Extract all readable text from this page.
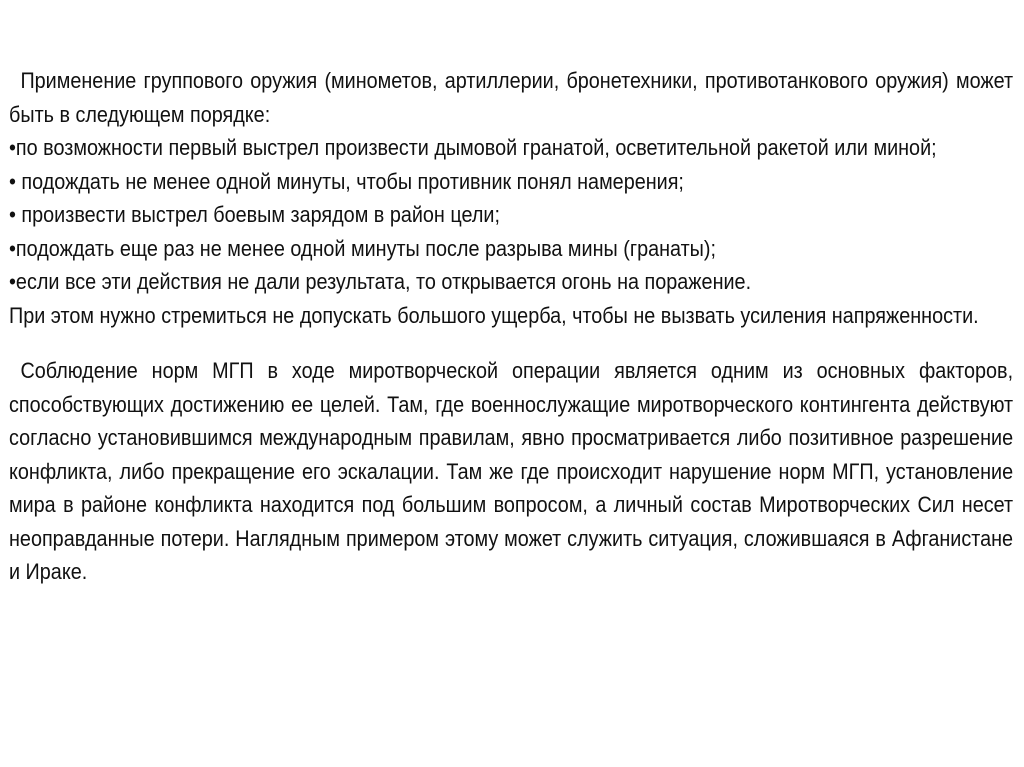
Применение группового оружия (минометов, артиллерии, бронетехники, противотанкового оружия) может быть в следующем порядке:

•по возможности первый выстрел произвести дымовой гранатой, осветительной ракетой или миной;

• подождать не менее одной минуты, чтобы противник понял намерения;

• произвести выстрел боевым зарядом в район цели;

•подождать еще раз не менее одной минуты после разрыва мины (гранаты);

•если все эти действия не дали результата, то открывается огонь на поражение.

При этом нужно стремиться не допускать большого ущерба, чтобы не вызвать усиления напряженности.

Соблюдение норм МГП в ходе миротворческой операции является одним из основных факторов, способствующих достижению ее целей. Там, где военнослужащие миротворческого контингента действуют согласно установившимся международным правилам, явно просматривается либо позитивное разрешение конфликта, либо прекращение его эскалации. Там же где происходит нарушение норм МГП, установление мира в районе конфликта находится под большим вопросом, а личный состав Миротворческих Сил несет неоправданные потери. Наглядным примером этому может служить ситуация, сложившаяся в Афганистане и Ираке.
